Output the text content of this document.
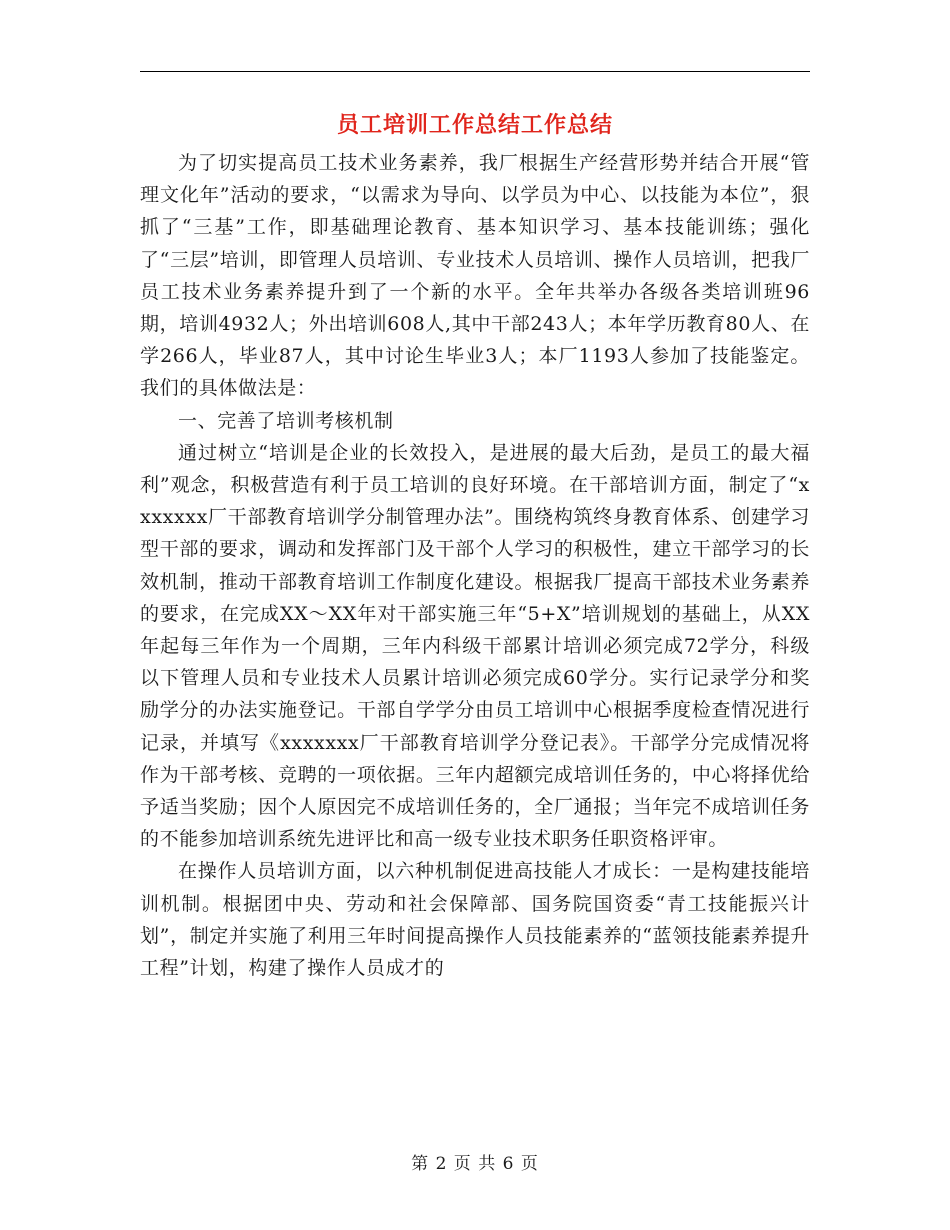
员工培训工作总结工作总结

为了切实提高员工技术业务素养，我厂根据生产经营形势并结合开展“管理文化年”活动的要求，“以需求为导向、以学员为中心、以技能为本位”，狠抓了“三基”工作，即基础理论教育、基本知识学习、基本技能训练；强化了“三层”培训，即管理人员培训、专业技术人员培训、操作人员培训，把我厂员工技术业务素养提升到了一个新的水平。全年共举办各级各类培训班96期，培训4932人；外出培训608人,其中干部243人；本年学历教育80人、在学266人，毕业87人，其中讨论生毕业3人；本厂1193人参加了技能鉴定。我们的具体做法是：

一、完善了培训考核机制

通过树立“培训是企业的长效投入，是进展的最大后劲，是员工的最大福利”观念，积极营造有利于员工培训的良好环境。在干部培训方面，制定了“xxxxxxx厂干部教育培训学分制管理办法”。围绕构筑终身教育体系、创建学习型干部的要求，调动和发挥部门及干部个人学习的积极性，建立干部学习的长效机制，推动干部教育培训工作制度化建设。根据我厂提高干部技术业务素养的要求，在完成XX～XX年对干部实施三年“5+X”培训规划的基础上，从XX年起每三年作为一个周期，三年内科级干部累计培训必须完成72学分，科级以下管理人员和专业技术人员累计培训必须完成60学分。实行记录学分和奖励学分的办法实施登记。干部自学学分由员工培训中心根据季度检查情况进行记录，并填写《xxxxxxx厂干部教育培训学分登记表》。干部学分完成情况将作为干部考核、竞聘的一项依据。三年内超额完成培训任务的，中心将择优给予适当奖励；因个人原因完不成培训任务的，全厂通报；当年完不成培训任务的不能参加培训系统先进评比和高一级专业技术职务任职资格评审。

在操作人员培训方面，以六种机制促进高技能人才成长：一是构建技能培训机制。根据团中央、劳动和社会保障部、国务院国资委“青工技能振兴计划”，制定并实施了利用三年时间提高操作人员技能素养的“蓝领技能素养提升工程”计划，构建了操作人员成才的

第 2 页 共 6 页
